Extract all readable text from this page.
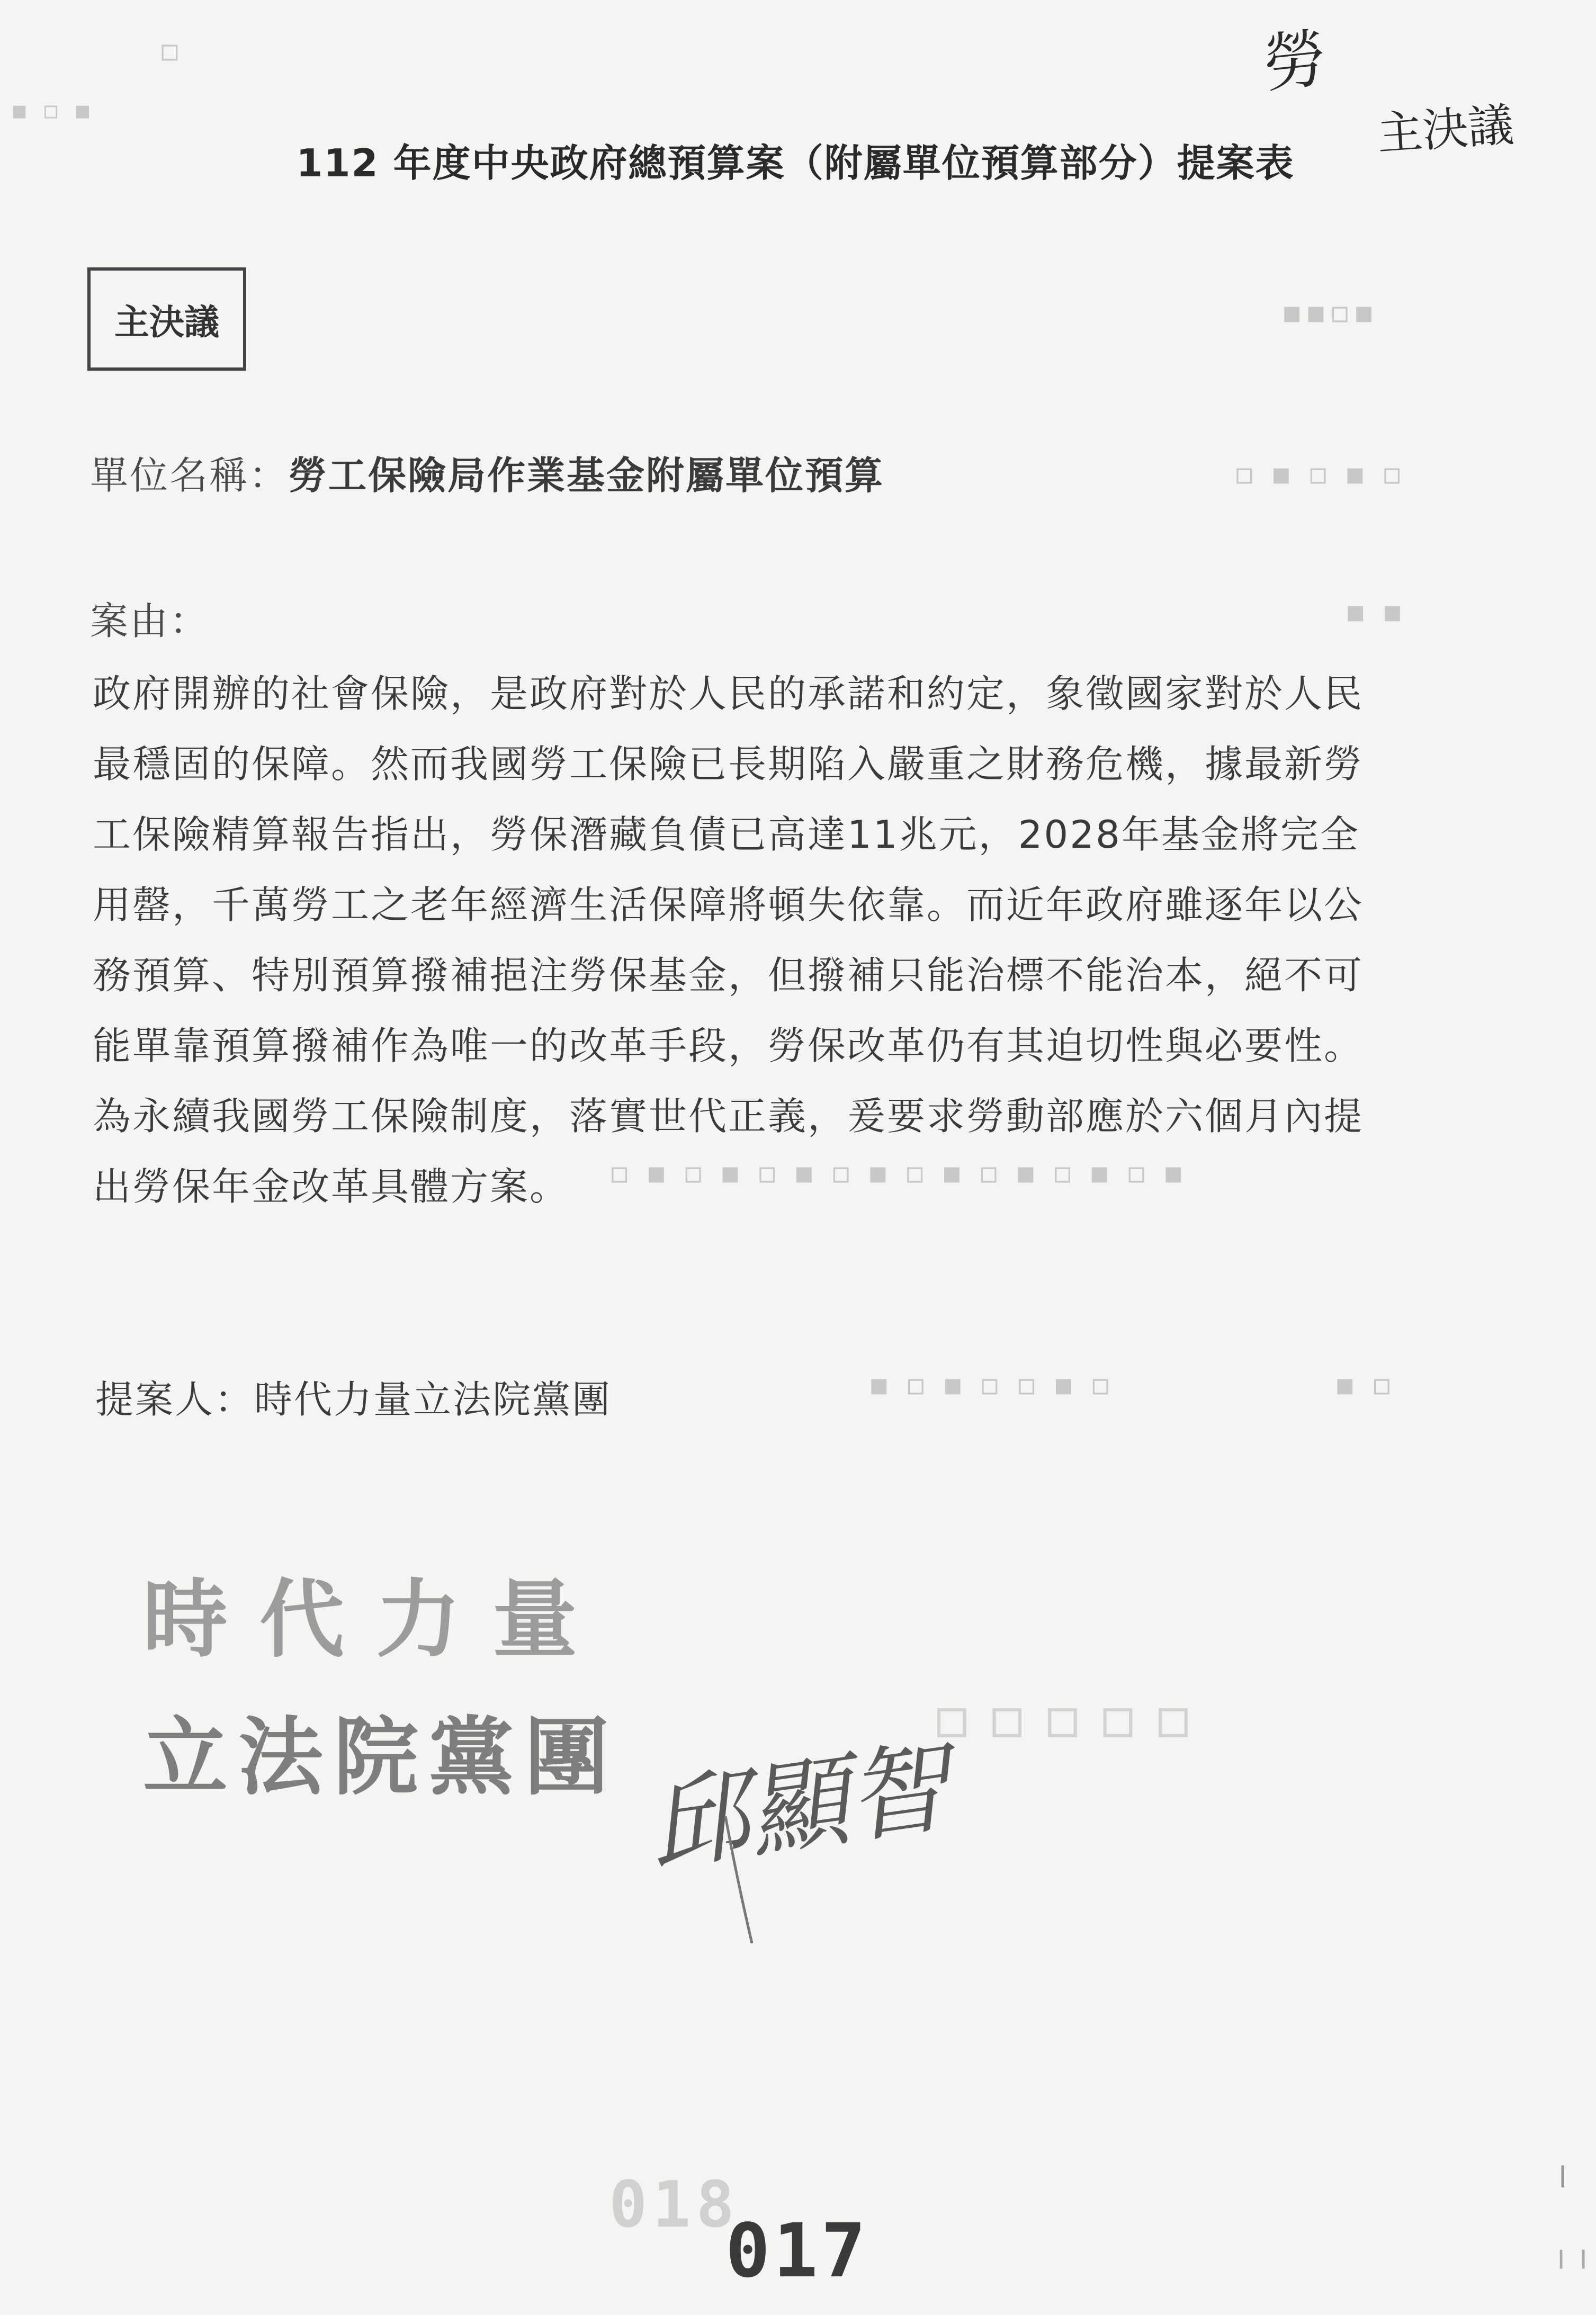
勞
主決議
▪ ▫ ▪
▫
▪▪▫▪
▫ ▪ ▫ ▪ ▫
▪ ▪
▫ ▪ ▫ ▪ ▫ ▪ ▫ ▪ ▫ ▪ ▫ ▪ ▫ ▪ ▫ ▪
▪ ▫ ▪ ▫ ▫ ▪ ▫	▪ ▫
▫▫▫▫▫
112 年度中央政府總預算案（附屬單位預算部分）提案表
主決議
單位名稱：勞工保險局作業基金附屬單位預算
案由：
政府開辦的社會保險，是政府對於人民的承諾和約定，象徵國家對於人民
最穩固的保障。然而我國勞工保險已長期陷入嚴重之財務危機，據最新勞
工保險精算報告指出，勞保潛藏負債已高達11兆元，2028年基金將完全
用罄，千萬勞工之老年經濟生活保障將頓失依靠。而近年政府雖逐年以公
務預算、特別預算撥補挹注勞保基金，但撥補只能治標不能治本，絕不可
能單靠預算撥補作為唯一的改革手段，勞保改革仍有其迫切性與必要性。
為永續我國勞工保險制度，落實世代正義，爰要求勞動部應於六個月內提
出勞保年金改革具體方案。
提案人：時代力量立法院黨團
時代力量
立法院黨團 邱顯智
018
017
╵
╵╵
